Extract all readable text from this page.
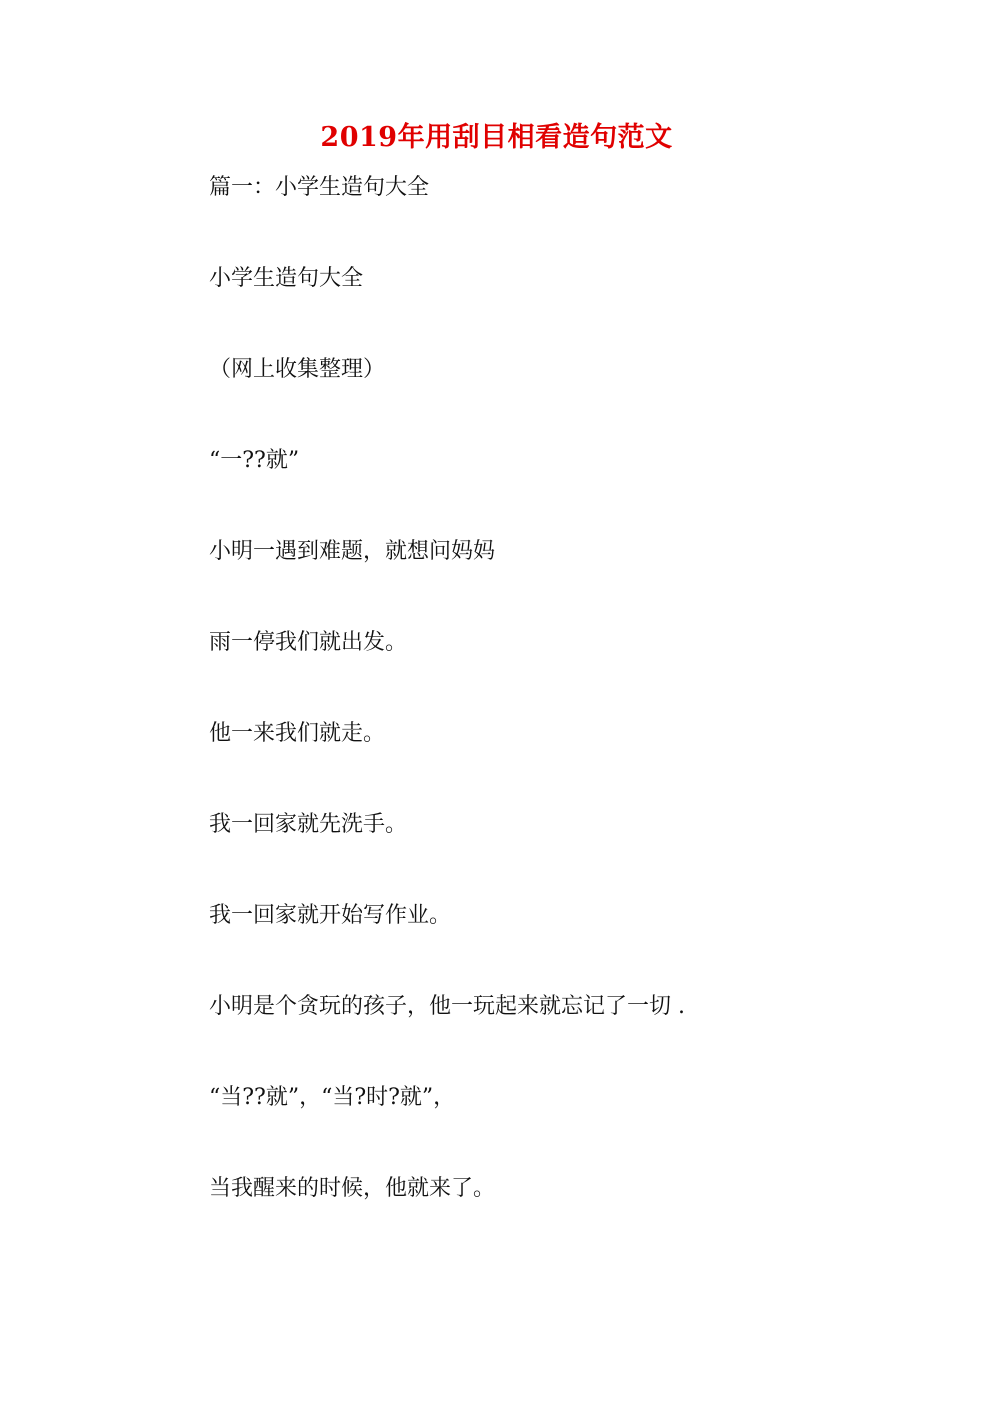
2019年用刮目相看造句范文
篇一：小学生造句大全
小学生造句大全
（网上收集整理）
“一??就”
小明一遇到难题，就想问妈妈
雨一停我们就出发。
他一来我们就走。
我一回家就先洗手。
我一回家就开始写作业。
小明是个贪玩的孩子，他一玩起来就忘记了一切 .
“当??就”，“当?时?就”，
当我醒来的时候，他就来了。
